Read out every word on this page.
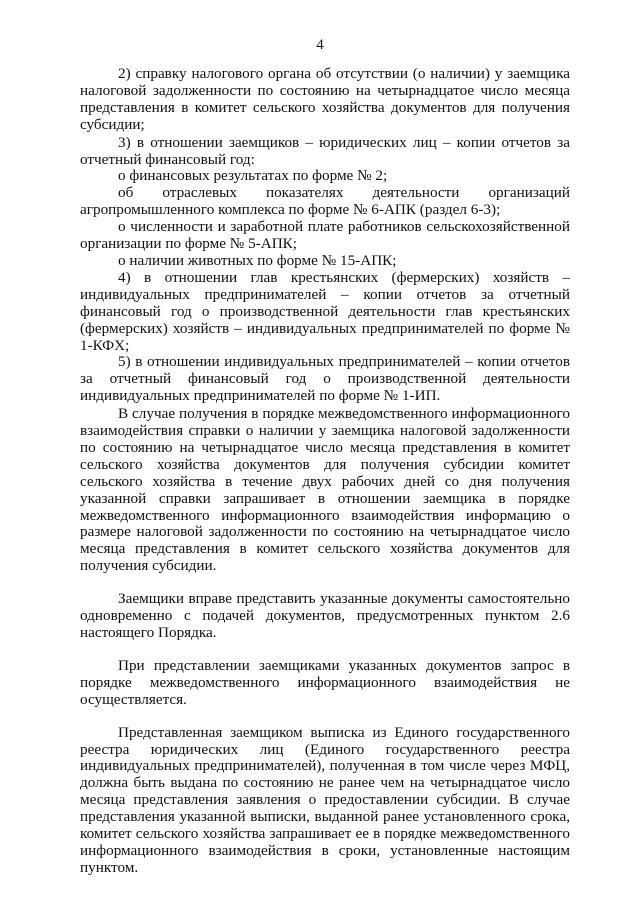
4

2) справку налогового органа об отсутствии (о наличии) у заемщика налоговой задолженности по состоянию на четырнадцатое число месяца представления в комитет сельского хозяйства документов для получения субсидии;

3) в отношении заемщиков – юридических лиц – копии отчетов за отчетный финансовый год:

о финансовых результатах по форме № 2;

об отраслевых показателях деятельности организаций агропромышленного комплекса по форме № 6-АПК (раздел 6-3);

о численности и заработной плате работников сельскохозяйственной организации по форме № 5-АПК;

о наличии животных по форме № 15-АПК;

4) в отношении глав крестьянских (фермерских) хозяйств – индивидуальных предпринимателей – копии отчетов за отчетный финансовый год о производственной деятельности глав крестьянских (фермерских) хозяйств – индивидуальных предпринимателей по форме № 1-КФХ;

5) в отношении индивидуальных предпринимателей – копии отчетов за отчетный финансовый год о производственной деятельности индивидуальных предпринимателей по форме № 1-ИП.

В случае получения в порядке межведомственного информационного взаимодействия справки о наличии у заемщика налоговой задолженности по состоянию на четырнадцатое число месяца представления в комитет сельского хозяйства документов для получения субсидии комитет сельского хозяйства в течение двух рабочих дней со дня получения указанной справки запрашивает в отношении заемщика в порядке межведомственного информационного взаимодействия информацию о размере налоговой задолженности по состоянию на четырнадцатое число месяца представления в комитет сельского хозяйства документов для получения субсидии.

Заемщики вправе представить указанные документы самостоятельно одновременно с подачей документов, предусмотренных пунктом 2.6 настоящего Порядка.

При представлении заемщиками указанных документов запрос в порядке межведомственного информационного взаимодействия не осуществляется.

Представленная заемщиком выписка из Единого государственного реестра юридических лиц (Единого государственного реестра индивидуальных предпринимателей), полученная в том числе через МФЦ, должна быть выдана по состоянию не ранее чем на четырнадцатое число месяца представления заявления о предоставлении субсидии. В случае представления указанной выписки, выданной ранее установленного срока, комитет сельского хозяйства запрашивает ее в порядке межведомственного информационного взаимодействия в сроки, установленные настоящим пунктом.
